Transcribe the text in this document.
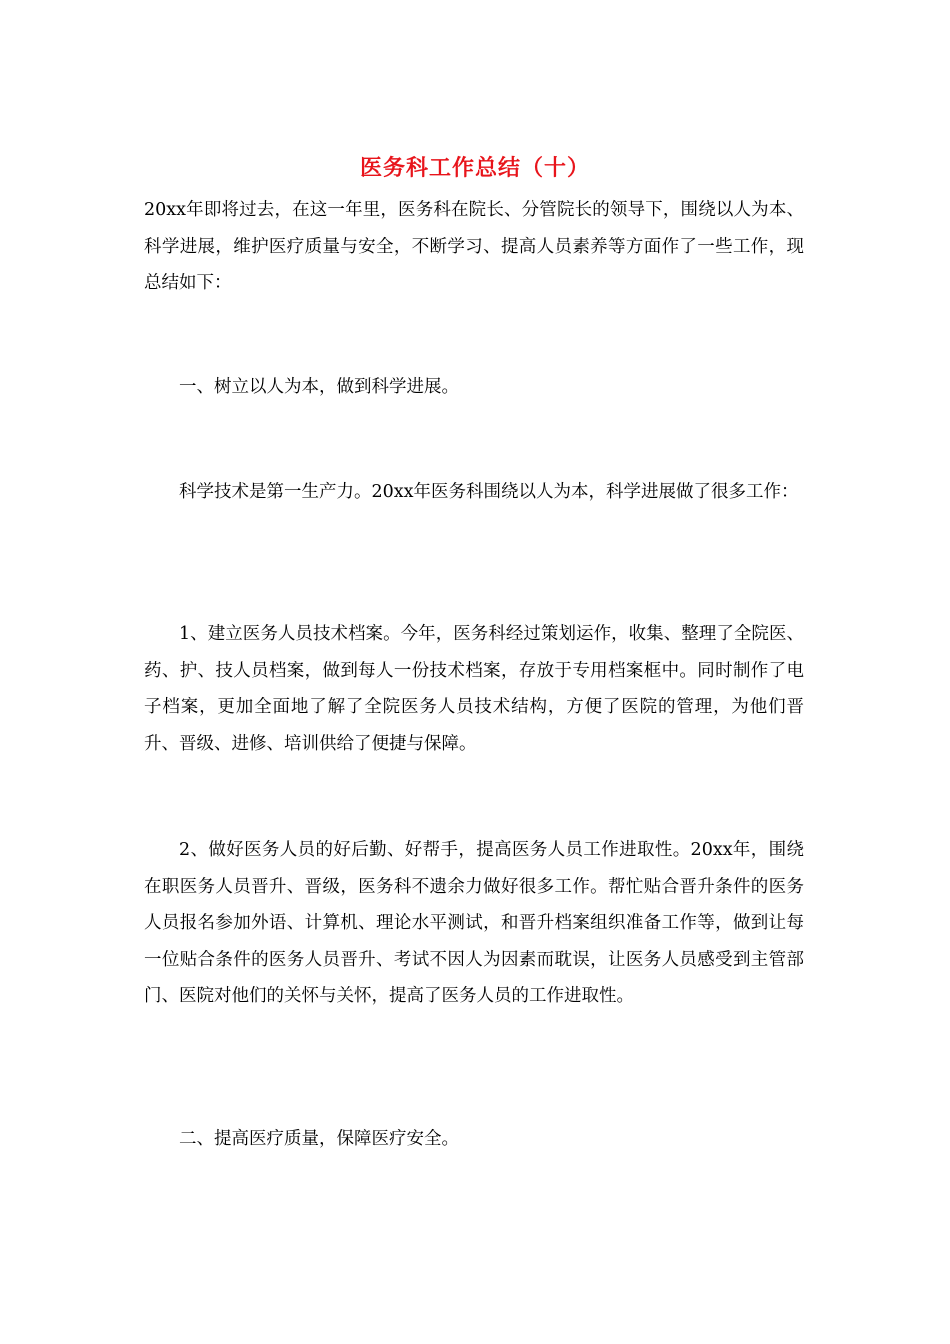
医务科工作总结（十）

20xx年即将过去，在这一年里，医务科在院长、分管院长的领导下，围绕以人为本、科学进展，维护医疗质量与安全，不断学习、提高人员素养等方面作了一些工作，现总结如下：

一、树立以人为本，做到科学进展。

科学技术是第一生产力。20xx年医务科围绕以人为本，科学进展做了很多工作：

1、建立医务人员技术档案。今年，医务科经过策划运作，收集、整理了全院医、药、护、技人员档案，做到每人一份技术档案，存放于专用档案框中。同时制作了电子档案，更加全面地了解了全院医务人员技术结构，方便了医院的管理，为他们晋升、晋级、进修、培训供给了便捷与保障。

2、做好医务人员的好后勤、好帮手，提高医务人员工作进取性。20xx年，围绕在职医务人员晋升、晋级，医务科不遗余力做好很多工作。帮忙贴合晋升条件的医务人员报名参加外语、计算机、理论水平测试，和晋升档案组织准备工作等，做到让每一位贴合条件的医务人员晋升、考试不因人为因素而耽误，让医务人员感受到主管部门、医院对他们的关怀与关怀，提高了医务人员的工作进取性。

二、提高医疗质量，保障医疗安全。
